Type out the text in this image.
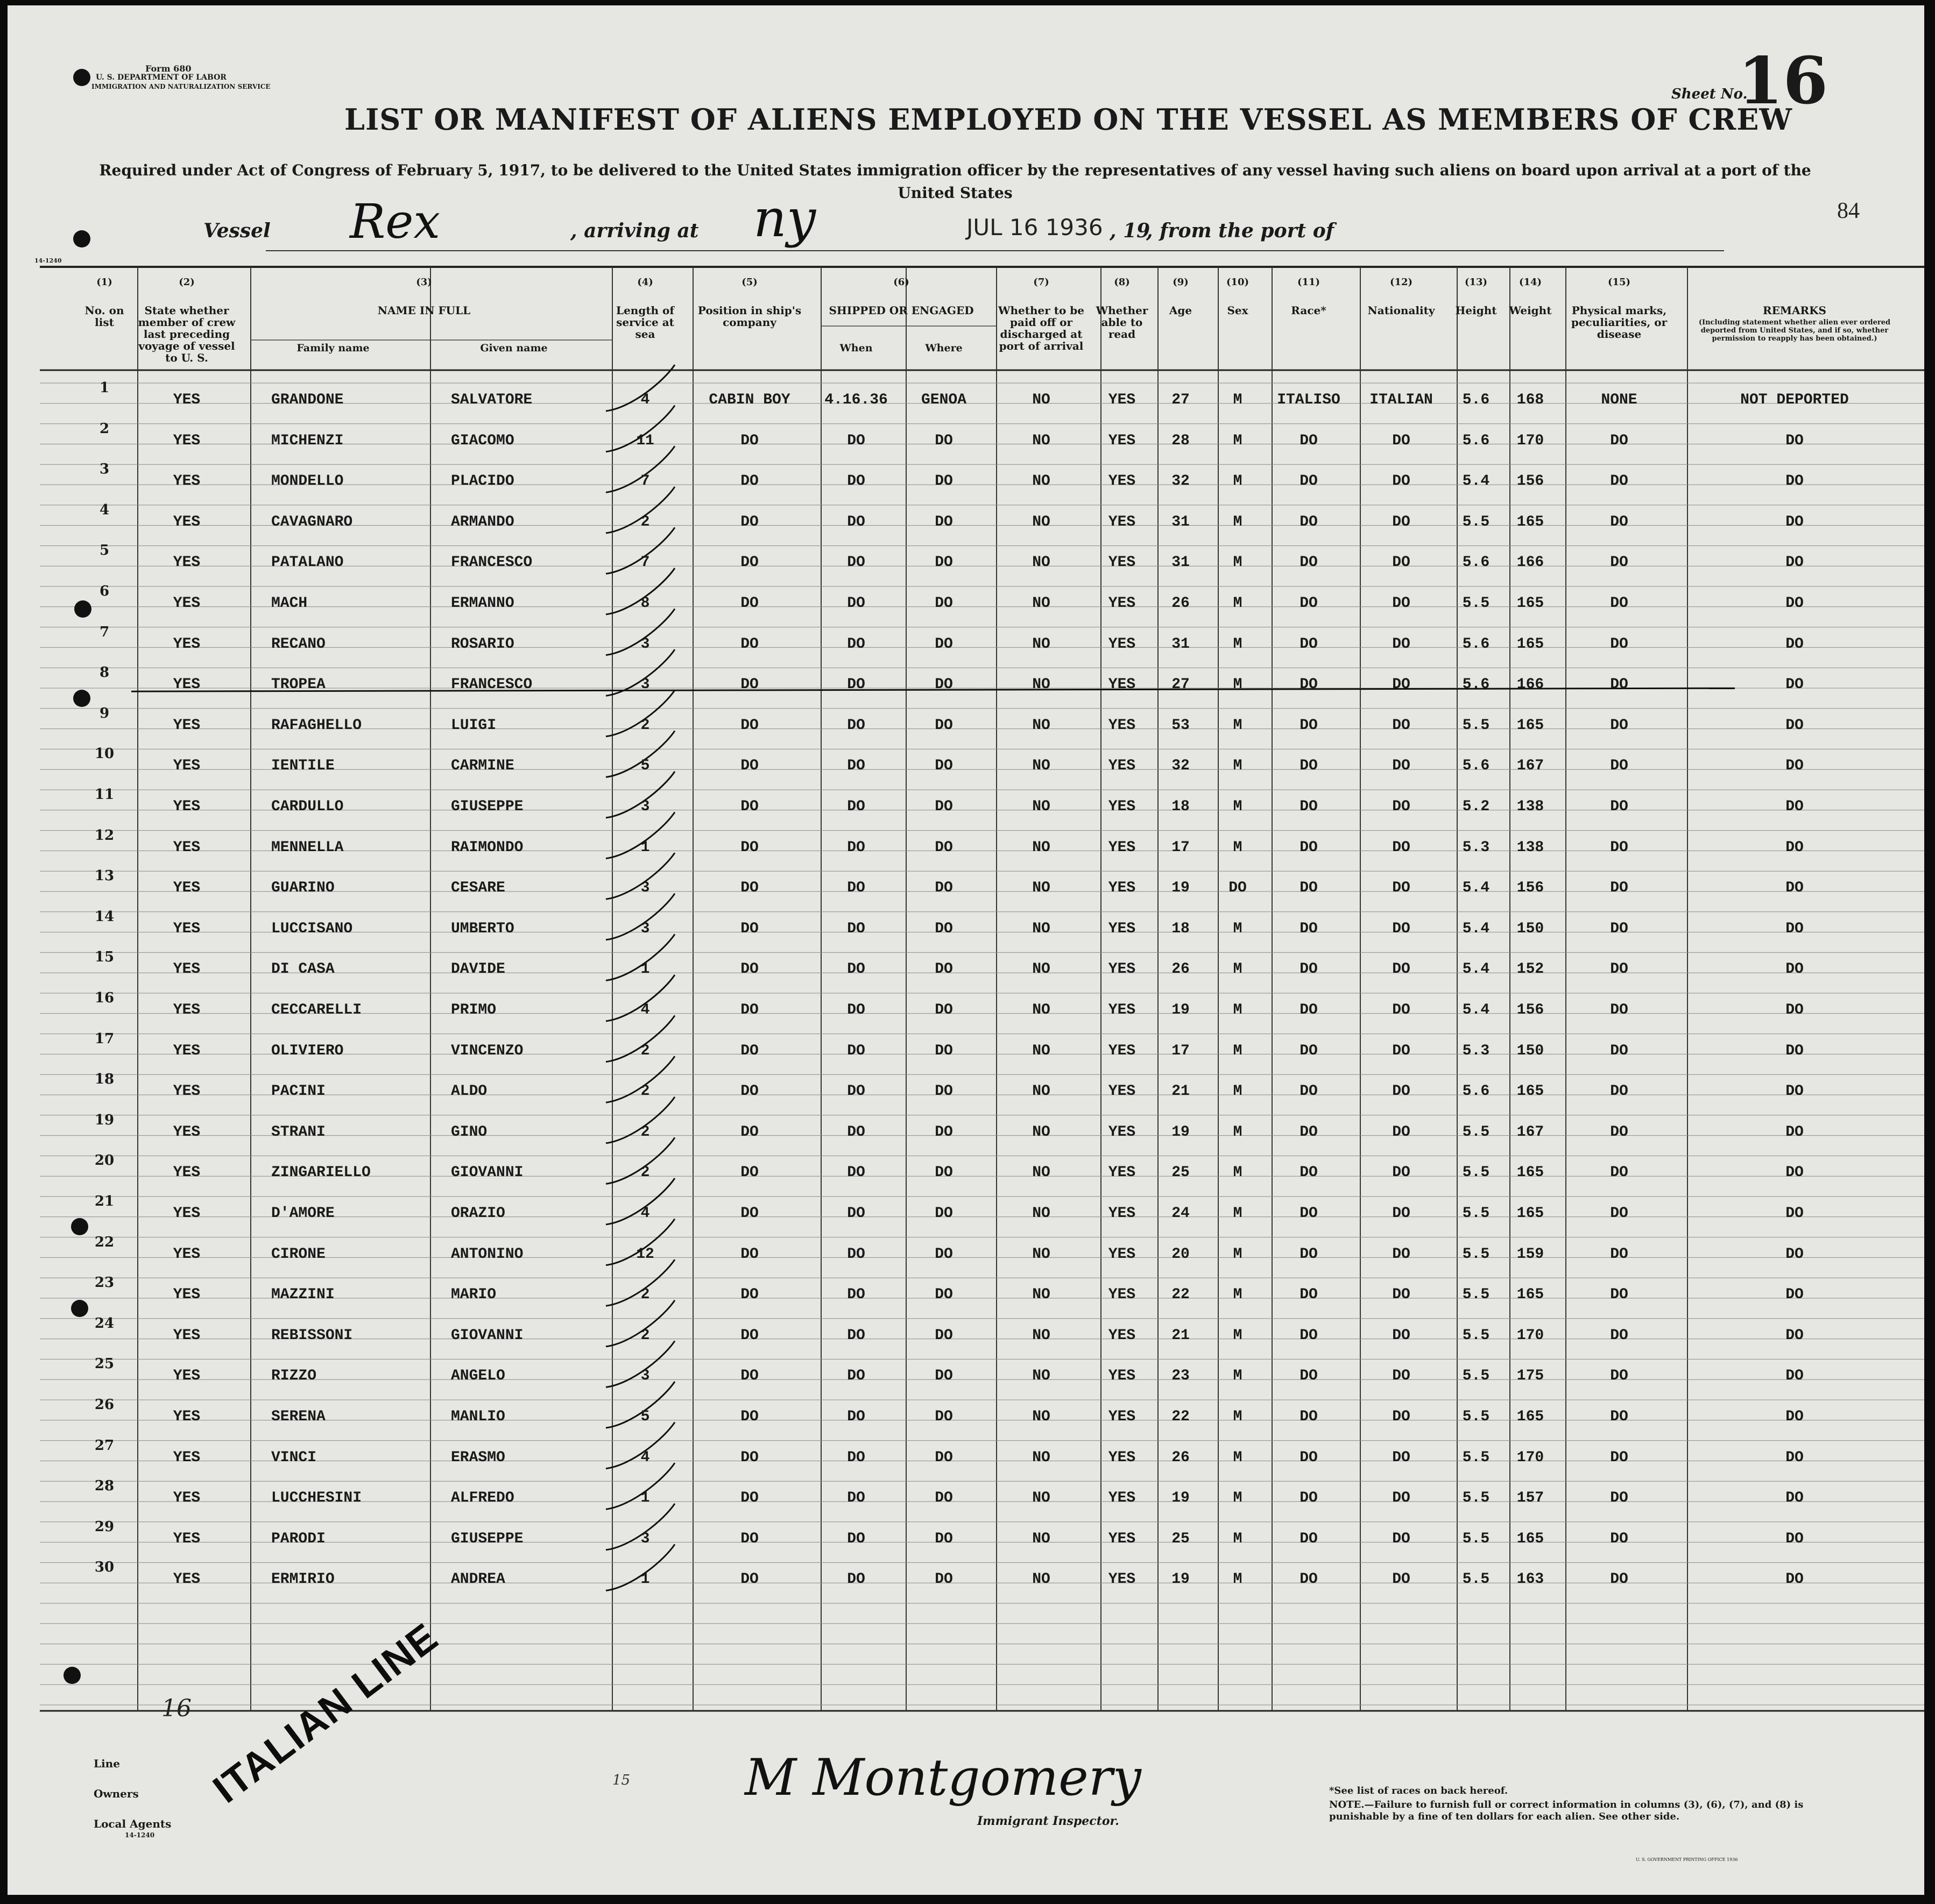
Form 680
U. S. DEPARTMENT OF LABOR
IMMIGRATION AND NATURALIZATION SERVICE
14-1240
LIST OR MANIFEST OF ALIENS EMPLOYED ON THE VESSEL AS MEMBERS OF CREW
Required under Act of Congress of February 5, 1917, to be delivered to the United States immigration officer by the representatives of any vessel having such aliens on board upon arrival at a port of the United States
Sheet No.
16
84
Vessel Rex	, arriving at ny	JUL 16 1936 , 19
, from the port of
(1)
No. on list
(2)
State whether member of crew last preceding voyage of vessel to U. S.
(3)
NAME IN FULL
Family name	Given name
(4)
Length of service at sea
(5)
Position in ship's company
(6)
SHIPPED OR ENGAGED
When	Where
(7)
Whether to be paid off or discharged at port of arrival
(8)
Whether able to read
(9)
Age
(10)
Sex
(11)
Race*
(12)
Nationality
(13)
Height
(14)
Weight
(15)
Physical marks, peculiarities, or disease
REMARKS
(Including statement whether alien ever ordered deported from United States, and if so, whether permission to reapply has been obtained.)
1
YES	GRANDONE	SALVATORE	4	CABIN BOY	4.16.36	GENOA	NO	YES	27	M	ITALISO	ITALIAN	5.6	168	NONE	NOT DEPORTED
2
YES	MICHENZI	GIACOMO	11	DO	DO	DO	NO	YES	28	M	DO	DO	5.6	170	DO	DO
3
YES	MONDELLO	PLACIDO	7	DO	DO	DO	NO	YES	32	M	DO	DO	5.4	156	DO	DO
4
YES	CAVAGNARO	ARMANDO	2	DO	DO	DO	NO	YES	31	M	DO	DO	5.5	165	DO	DO
5
YES	PATALANO	FRANCESCO	7	DO	DO	DO	NO	YES	31	M	DO	DO	5.6	166	DO	DO
6
YES	MACH	ERMANNO	8	DO	DO	DO	NO	YES	26	M	DO	DO	5.5	165	DO	DO
7
YES	RECANO	ROSARIO	3	DO	DO	DO	NO	YES	31	M	DO	DO	5.6	165	DO	DO
8
YES	TROPEA	FRANCESCO	3	DO	DO	DO	NO	YES	27	M	DO	DO	5.6	166	DO	DO
9
YES	RAFAGHELLO	LUIGI	2	DO	DO	DO	NO	YES	53	M	DO	DO	5.5	165	DO	DO
10
YES	IENTILE	CARMINE	5	DO	DO	DO	NO	YES	32	M	DO	DO	5.6	167	DO	DO
11
YES	CARDULLO	GIUSEPPE	3	DO	DO	DO	NO	YES	18	M	DO	DO	5.2	138	DO	DO
12
YES	MENNELLA	RAIMONDO	1	DO	DO	DO	NO	YES	17	M	DO	DO	5.3	138	DO	DO
13
YES	GUARINO	CESARE	3	DO	DO	DO	NO	YES	19	DO	DO	DO	5.4	156	DO	DO
14
YES	LUCCISANO	UMBERTO	3	DO	DO	DO	NO	YES	18	M	DO	DO	5.4	150	DO	DO
15
YES	DI CASA	DAVIDE	1	DO	DO	DO	NO	YES	26	M	DO	DO	5.4	152	DO	DO
16
YES	CECCARELLI	PRIMO	4	DO	DO	DO	NO	YES	19	M	DO	DO	5.4	156	DO	DO
17
YES	OLIVIERO	VINCENZO	2	DO	DO	DO	NO	YES	17	M	DO	DO	5.3	150	DO	DO
18
YES	PACINI	ALDO	2	DO	DO	DO	NO	YES	21	M	DO	DO	5.6	165	DO	DO
19
YES	STRANI	GINO	2	DO	DO	DO	NO	YES	19	M	DO	DO	5.5	167	DO	DO
20
YES	ZINGARIELLO	GIOVANNI	2	DO	DO	DO	NO	YES	25	M	DO	DO	5.5	165	DO	DO
21
YES	D'AMORE	ORAZIO	4	DO	DO	DO	NO	YES	24	M	DO	DO	5.5	165	DO	DO
22
YES	CIRONE	ANTONINO	12	DO	DO	DO	NO	YES	20	M	DO	DO	5.5	159	DO	DO
23
YES	MAZZINI	MARIO	2	DO	DO	DO	NO	YES	22	M	DO	DO	5.5	165	DO	DO
24
YES	REBISSONI	GIOVANNI	2	DO	DO	DO	NO	YES	21	M	DO	DO	5.5	170	DO	DO
25
YES	RIZZO	ANGELO	3	DO	DO	DO	NO	YES	23	M	DO	DO	5.5	175	DO	DO
26
YES	SERENA	MANLIO	5	DO	DO	DO	NO	YES	22	M	DO	DO	5.5	165	DO	DO
27
YES	VINCI	ERASMO	4	DO	DO	DO	NO	YES	26	M	DO	DO	5.5	170	DO	DO
28
YES	LUCCHESINI	ALFREDO	1	DO	DO	DO	NO	YES	19	M	DO	DO	5.5	157	DO	DO
29
YES	PARODI	GIUSEPPE	3	DO	DO	DO	NO	YES	25	M	DO	DO	5.5	165	DO	DO
30
YES	ERMIRIO	ANDREA	1	DO	DO	DO	NO	YES	19	M	DO	DO	5.5	163	DO	DO
Line
Owners
Local Agents
14-1240
ITALIAN LINE
16
15 M Montgomery
Immigrant Inspector.
*See list of races on back hereof.
NOTE.—Failure to furnish full or correct information in columns (3), (6), (7), and (8) is punishable by a fine of ten dollars for each alien. See other side.
U. S. GOVERNMENT PRINTING OFFICE 1936
